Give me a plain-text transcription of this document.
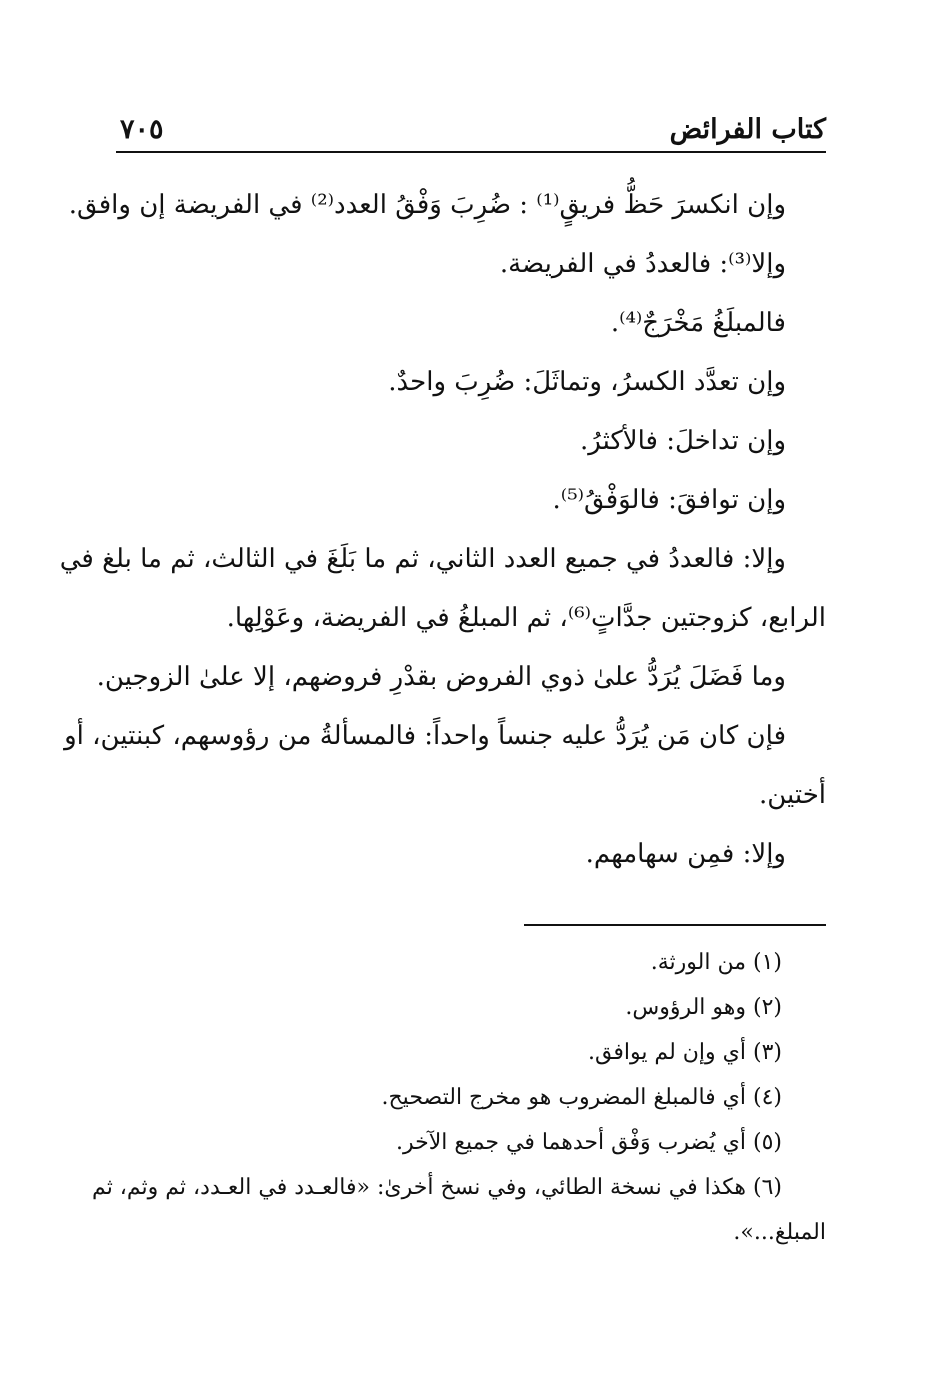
كتاب الفرائض
٧٠٥

وإن انكسرَ حَظُّ فريقٍ⁽¹⁾ : ضُرِبَ وَفْقُ العدد⁽²⁾ في الفريضة إن وافق.

وإلا⁽³⁾: فالعددُ في الفريضة.

فالمبلَغُ مَخْرَجٌ⁽⁴⁾.

وإن تعدَّد الكسرُ، وتماثَلَ: ضُرِبَ واحدٌ.

وإن تداخلَ: فالأكثرُ.

وإن توافقَ: فالوَفْقُ⁽⁵⁾.

وإلا: فالعددُ في جميع العدد الثاني، ثم ما بَلَغَ في الثالث، ثم ما بلغ في

الرابع، كزوجتين جدَّاتٍ⁽⁶⁾، ثم المبلغُ في الفريضة، وعَوْلِها.

وما فَضَلَ يُرَدُّ علىٰ ذوي الفروض بقدْرِ فروضهم، إلا علىٰ الزوجين.

فإن كان مَن يُرَدُّ عليه جنساً واحداً: فالمسألةُ من رؤوسهم، كبنتين، أو

أختين.

وإلا: فمِن سهامهم.

(١) من الورثة.

(٢) وهو الرؤوس.

(٣) أي وإن لم يوافق.

(٤) أي فالمبلغ المضروب هو مخرج التصحيح.

(٥) أي يُضرب وَفْق أحدهما في جميع الآخر.

(٦) هكذا في نسخة الطائي، وفي نسخ أخرىٰ: «فالعـدد في العـدد، ثم وثم، ثم

المبلغ...».
